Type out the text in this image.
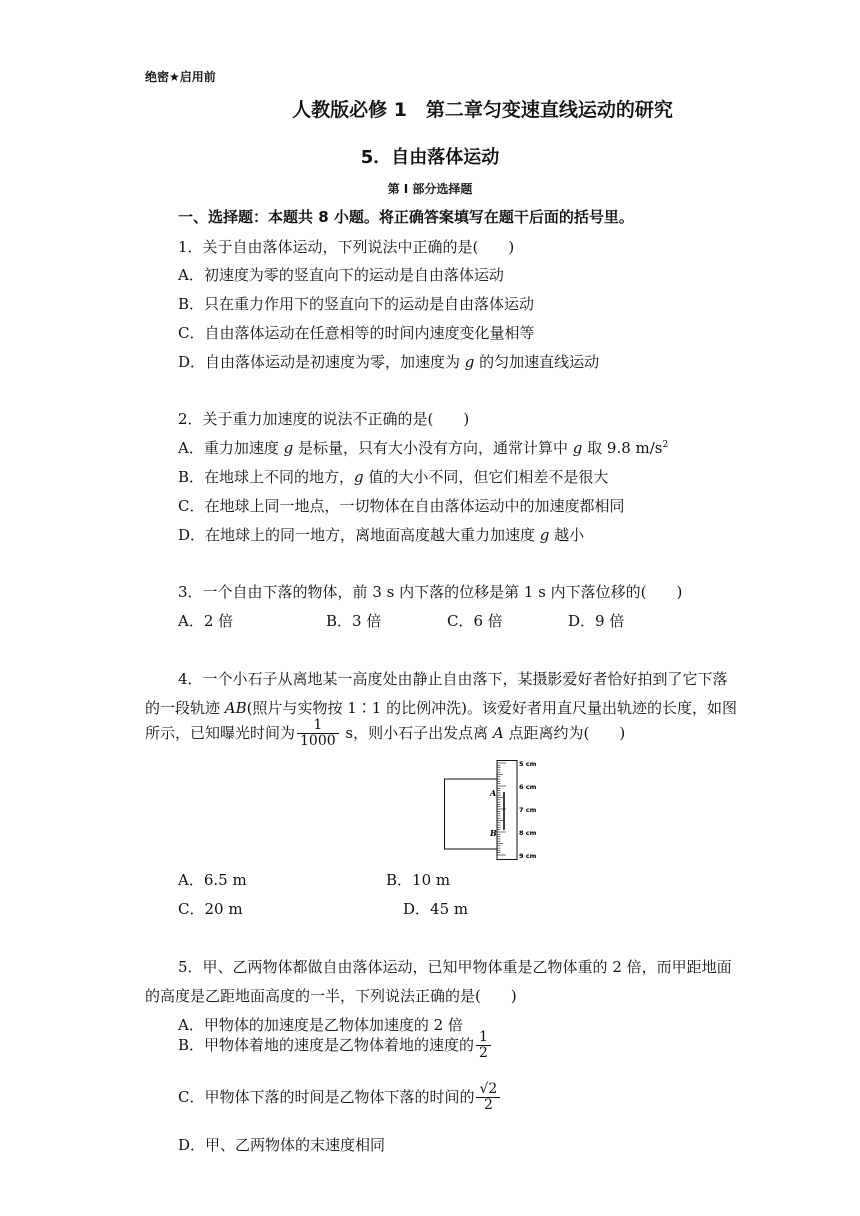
绝密★启用前
人教版必修 1　第二章匀变速直线运动的研究
5．自由落体运动
第 I 部分选择题
一、选择题：本题共 8 小题。将正确答案填写在题干后面的括号里。
1．关于自由落体运动，下列说法中正确的是(　　)
A．初速度为零的竖直向下的运动是自由落体运动
B．只在重力作用下的竖直向下的运动是自由落体运动
C．自由落体运动在任意相等的时间内速度变化量相等
D．自由落体运动是初速度为零，加速度为 g 的匀加速直线运动
2．关于重力加速度的说法不正确的是(　　)
A．重力加速度 g 是标量，只有大小没有方向，通常计算中 g 取 9.8 $m/s^2$
B．在地球上不同的地方，g 值的大小不同，但它们相差不是很大
C．在地球上同一地点，一切物体在自由落体运动中的加速度都相同
D．在地球上的同一地方，离地面高度越大重力加速度 g 越小
3．一个自由下落的物体，前 3 s 内下落的位移是第 1 s 内下落位移的(　　)
A．2 倍	B．3 倍	C．6 倍	D．9 倍
4．一个小石子从离地某一高度处由静止自由落下，某摄影爱好者恰好拍到了它下落
的一段轨迹 AB(照片与实物按 1∶1 的比例冲洗)。该爱好者用直尺量出轨迹的长度，如图
所示，已知曝光时间为 $\frac{1}{1000}$ s，则小石子出发点离 A 点距离约为(　　)
A
B
5 cm
6 cm
7 cm
8 cm
9 cm
A．6.5 m	B．10 m
C．20 m	D．45 m
5．甲、乙两物体都做自由落体运动，已知甲物体重是乙物体重的 2 倍，而甲距地面
的高度是乙距地面高度的一半，下列说法正确的是(　　)
A．甲物体的加速度是乙物体加速度的 2 倍
B．甲物体着地的速度是乙物体着地的速度的 $\frac{1}{2}$
C．甲物体下落的时间是乙物体下落的时间的 $\frac{√2}{2}$
D．甲、乙两物体的末速度相同
